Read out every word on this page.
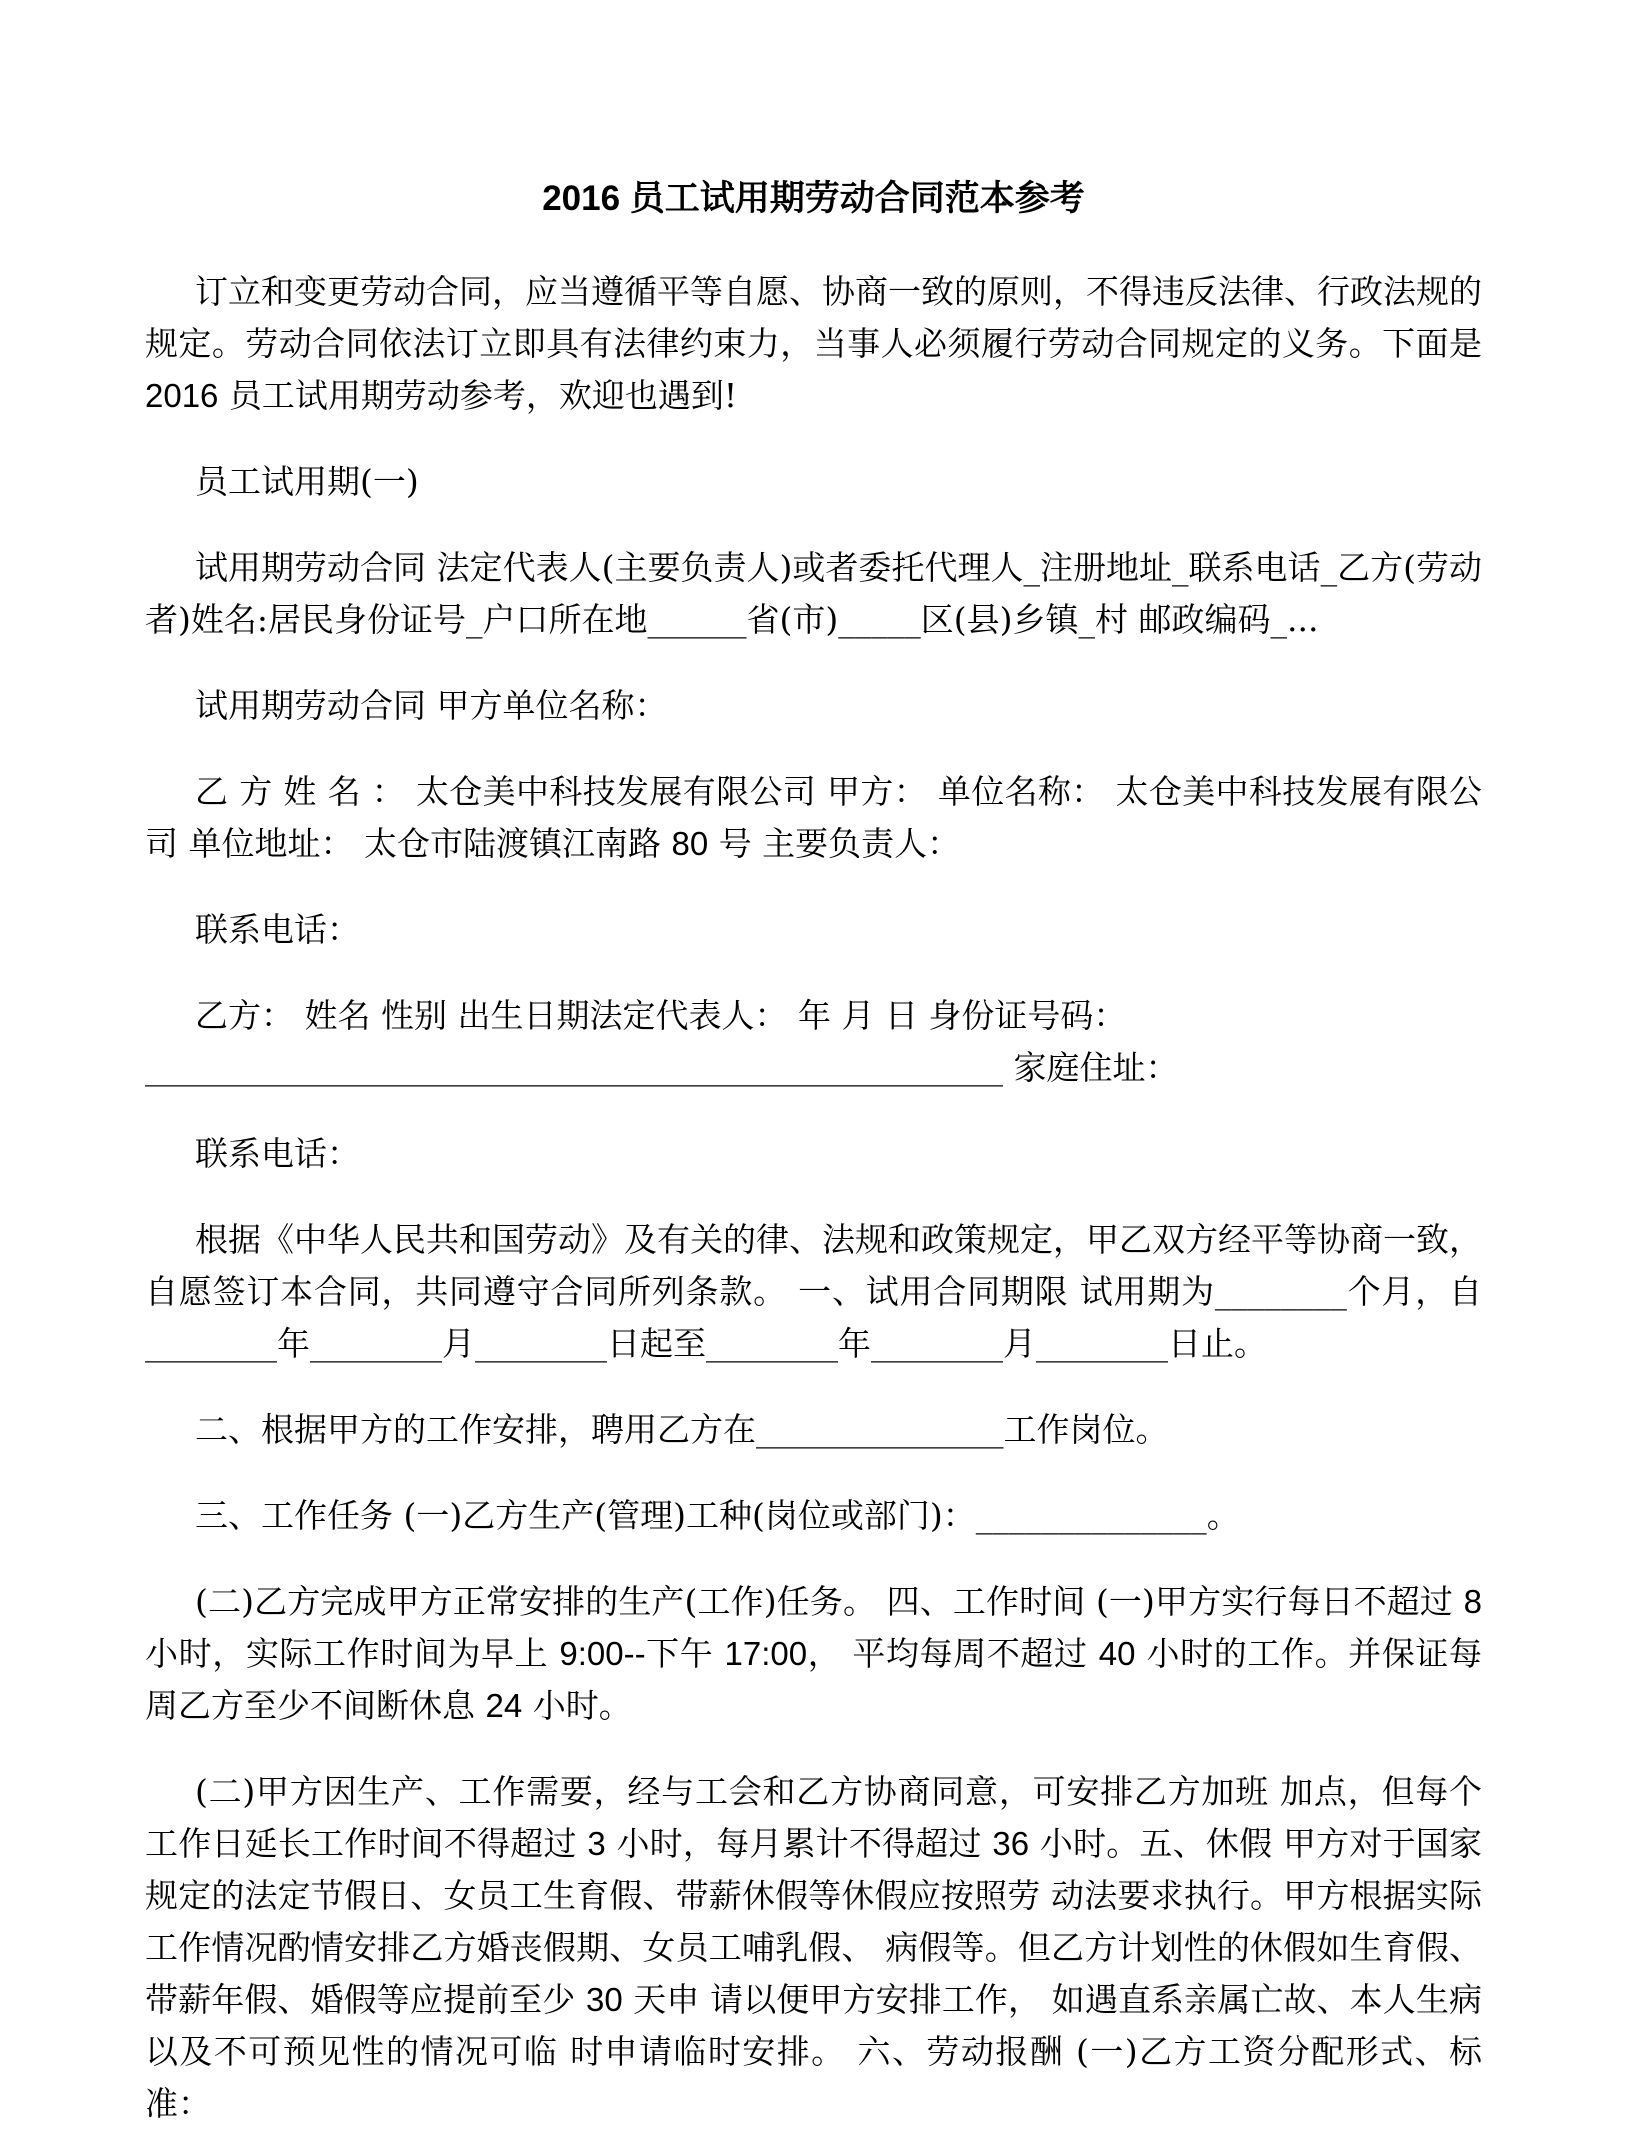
2016 员工试用期劳动合同范本参考

订立和变更劳动合同，应当遵循平等自愿、协商一致的原则，不得违反法律、行政法规的规定。劳动合同依法订立即具有法律约束力，当事人必须履行劳动合同规定的义务。下面是 2016 员工试用期劳动参考，欢迎也遇到!

员工试用期(一)

试用期劳动合同 法定代表人(主要负责人)或者委托代理人_注册地址_联系电话_乙方(劳动者)姓名:居民身份证号_户口所在地______省(市)_____区(县)乡镇_村 邮政编码_...

试用期劳动合同 甲方单位名称：

乙 方 姓 名 ： 太仓美中科技发展有限公司 甲方： 单位名称： 太仓美中科技发展有限公司 单位地址： 太仓市陆渡镇江南路 80 号 主要负责人：

联系电话：

乙方： 姓名 性别 出生日期法定代表人： 年 月 日 身份证号码：____________________________________________________ 家庭住址：

联系电话：

根据《中华人民共和国劳动》及有关的律、法规和政策规定，甲乙双方经平等协商一致，自愿签订本合同，共同遵守合同所列条款。 一、试用合同期限 试用期为________个月，自________年________月________日起至________年________月________日止。

二、根据甲方的工作安排，聘用乙方在_______________工作岗位。

三、工作任务 (一)乙方生产(管理)工种(岗位或部门)：______________。

(二)乙方完成甲方正常安排的生产(工作)任务。 四、工作时间 (一)甲方实行每日不超过 8 小时，实际工作时间为早上 9:00--下午 17:00， 平均每周不超过 40 小时的工作。并保证每周乙方至少不间断休息 24 小时。

(二)甲方因生产、工作需要，经与工会和乙方协商同意，可安排乙方加班 加点，但每个工作日延长工作时间不得超过 3 小时，每月累计不得超过 36 小时。五、休假 甲方对于国家规定的法定节假日、女员工生育假、带薪休假等休假应按照劳 动法要求执行。甲方根据实际工作情况酌情安排乙方婚丧假期、女员工哺乳假、 病假等。但乙方计划性的休假如生育假、带薪年假、婚假等应提前至少 30 天申 请以便甲方安排工作， 如遇直系亲属亡故、本人生病以及不可预见性的情况可临 时申请临时安排。 六、劳动报酬 (一)乙方工资分配形式、标准：
